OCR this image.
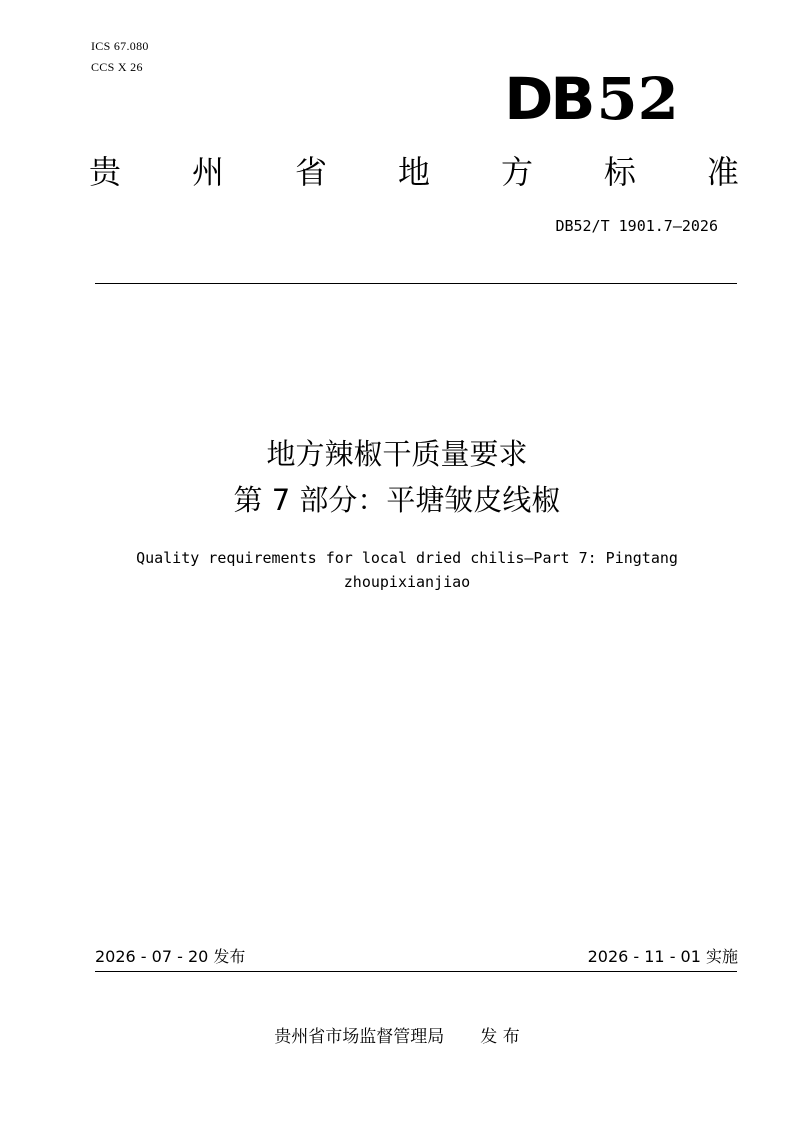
ICS 67.080
CCS X 26	DB52
贵 州 省 地 方 标 准
DB52/T 1901.7—2026
地方辣椒干质量要求
第 7 部分：平塘皱皮线椒
Quality requirements for local dried chilis—Part 7: Pingtang
zhoupixianjiao
2026 - 07 - 20 发布	2026 - 11 - 01 实施
贵州省市场监督管理局 发 布
